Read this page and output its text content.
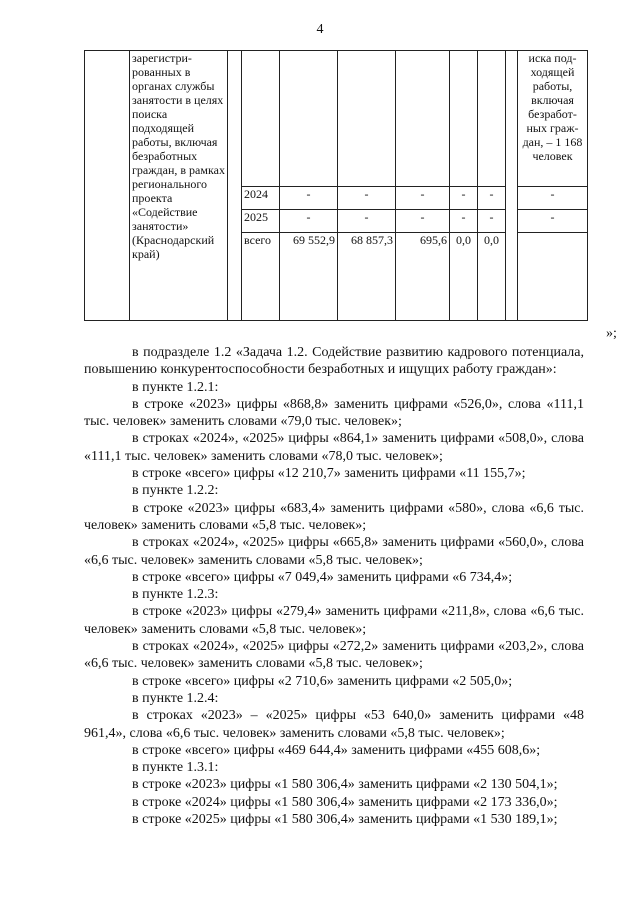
4
	зарегистрированных в органах службы занятости в целях поиска подходящей работы, включая безработных граждан, в рамках регионального проекта «Содействие занятости» (Краснодарский край)									иска подходящей работы, включая безработных граждан, – 1 168 человек
			2024	-	-	-	-	-		-
			2025	-	-	-	-	-		-
			всего	69 552,9	68 857,3	695,6	0,0	0,0		
»;

в подразделе 1.2 «Задача 1.2. Содействие развитию кадрового потенциала, повышению конкурентоспособности безработных и ищущих работу граждан»:

в пункте 1.2.1:

в строке «2023» цифры «868,8» заменить цифрами «526,0», слова «111,1 тыс. человек» заменить словами «79,0 тыс. человек»;

в строках «2024», «2025» цифры «864,1» заменить цифрами «508,0», слова «111,1 тыс. человек» заменить словами «78,0 тыс. человек»;

в строке «всего» цифры «12 210,7» заменить цифрами «11 155,7»;

в пункте 1.2.2:

в строке «2023» цифры «683,4» заменить цифрами «580», слова «6,6 тыс. человек» заменить словами «5,8 тыс. человек»;

в строках «2024», «2025» цифры «665,8» заменить цифрами «560,0», слова «6,6 тыс. человек» заменить словами «5,8 тыс. человек»;

в строке «всего» цифры «7 049,4» заменить цифрами «6 734,4»;

в пункте 1.2.3:

в строке «2023» цифры «279,4» заменить цифрами «211,8», слова «6,6 тыс. человек» заменить словами «5,8 тыс. человек»;

в строках «2024», «2025» цифры «272,2» заменить цифрами «203,2», слова «6,6 тыс. человек» заменить словами «5,8 тыс. человек»;

в строке «всего» цифры «2 710,6» заменить цифрами «2 505,0»;

в пункте 1.2.4:

в строках «2023» – «2025» цифры «53 640,0» заменить цифрами «48 961,4», слова «6,6 тыс. человек» заменить словами «5,8 тыс. человек»;

в строке «всего» цифры «469 644,4» заменить цифрами «455 608,6»;

в пункте 1.3.1:

в строке «2023» цифры «1 580 306,4» заменить цифрами «2 130 504,1»;

в строке «2024» цифры «1 580 306,4» заменить цифрами «2 173 336,0»;

в строке «2025» цифры «1 580 306,4» заменить цифрами «1 530 189,1»;
